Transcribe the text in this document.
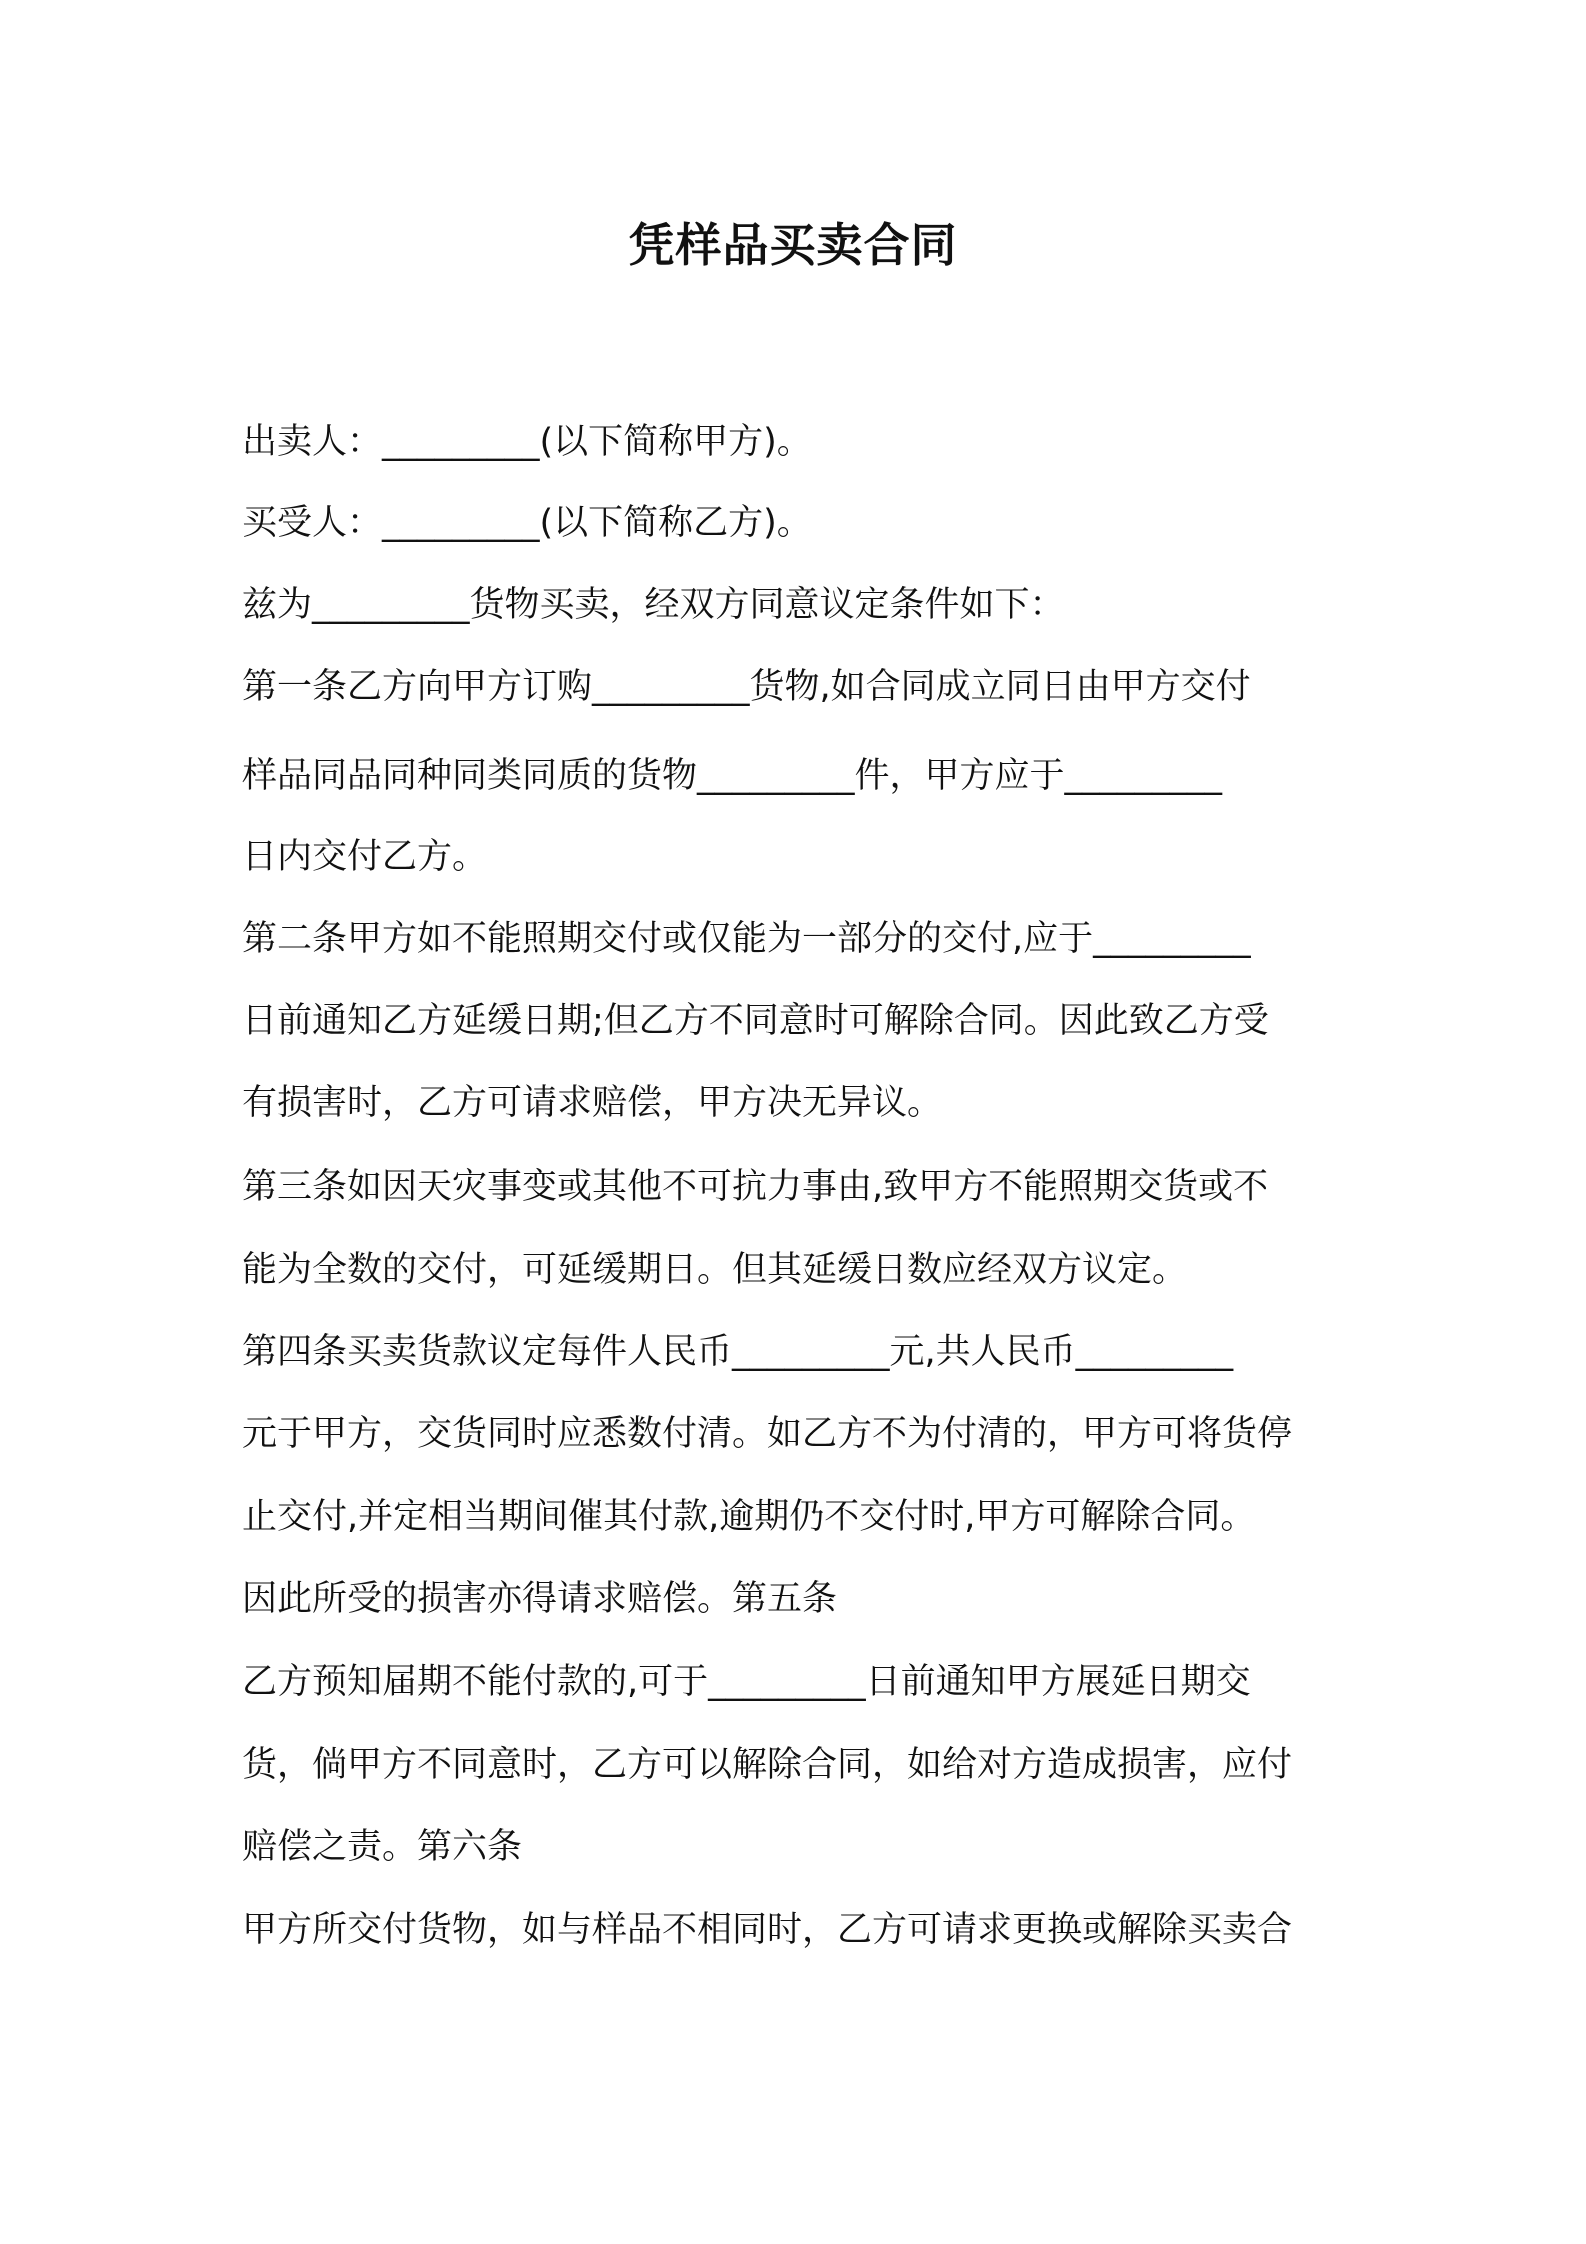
凭样品买卖合同
出卖人：_________(以下简称甲方)。
买受人：_________(以下简称乙方)。
兹为_________货物买卖，经双方同意议定条件如下：
第一条乙方向甲方订购_________货物,如合同成立同日由甲方交付
样品同品同种同类同质的货物_________件，甲方应于_________
日内交付乙方。
第二条甲方如不能照期交付或仅能为一部分的交付,应于_________
日前通知乙方延缓日期;但乙方不同意时可解除合同。因此致乙方受
有损害时，乙方可请求赔偿，甲方决无异议。
第三条如因天灾事变或其他不可抗力事由,致甲方不能照期交货或不
能为全数的交付，可延缓期日。但其延缓日数应经双方议定。
第四条买卖货款议定每件人民币_________元,共人民币_________
元于甲方，交货同时应悉数付清。如乙方不为付清的，甲方可将货停
止交付,并定相当期间催其付款,逾期仍不交付时,甲方可解除合同。
因此所受的损害亦得请求赔偿。第五条
乙方预知届期不能付款的,可于_________日前通知甲方展延日期交
货，倘甲方不同意时，乙方可以解除合同，如给对方造成损害，应付
赔偿之责。第六条
甲方所交付货物，如与样品不相同时，乙方可请求更换或解除买卖合
